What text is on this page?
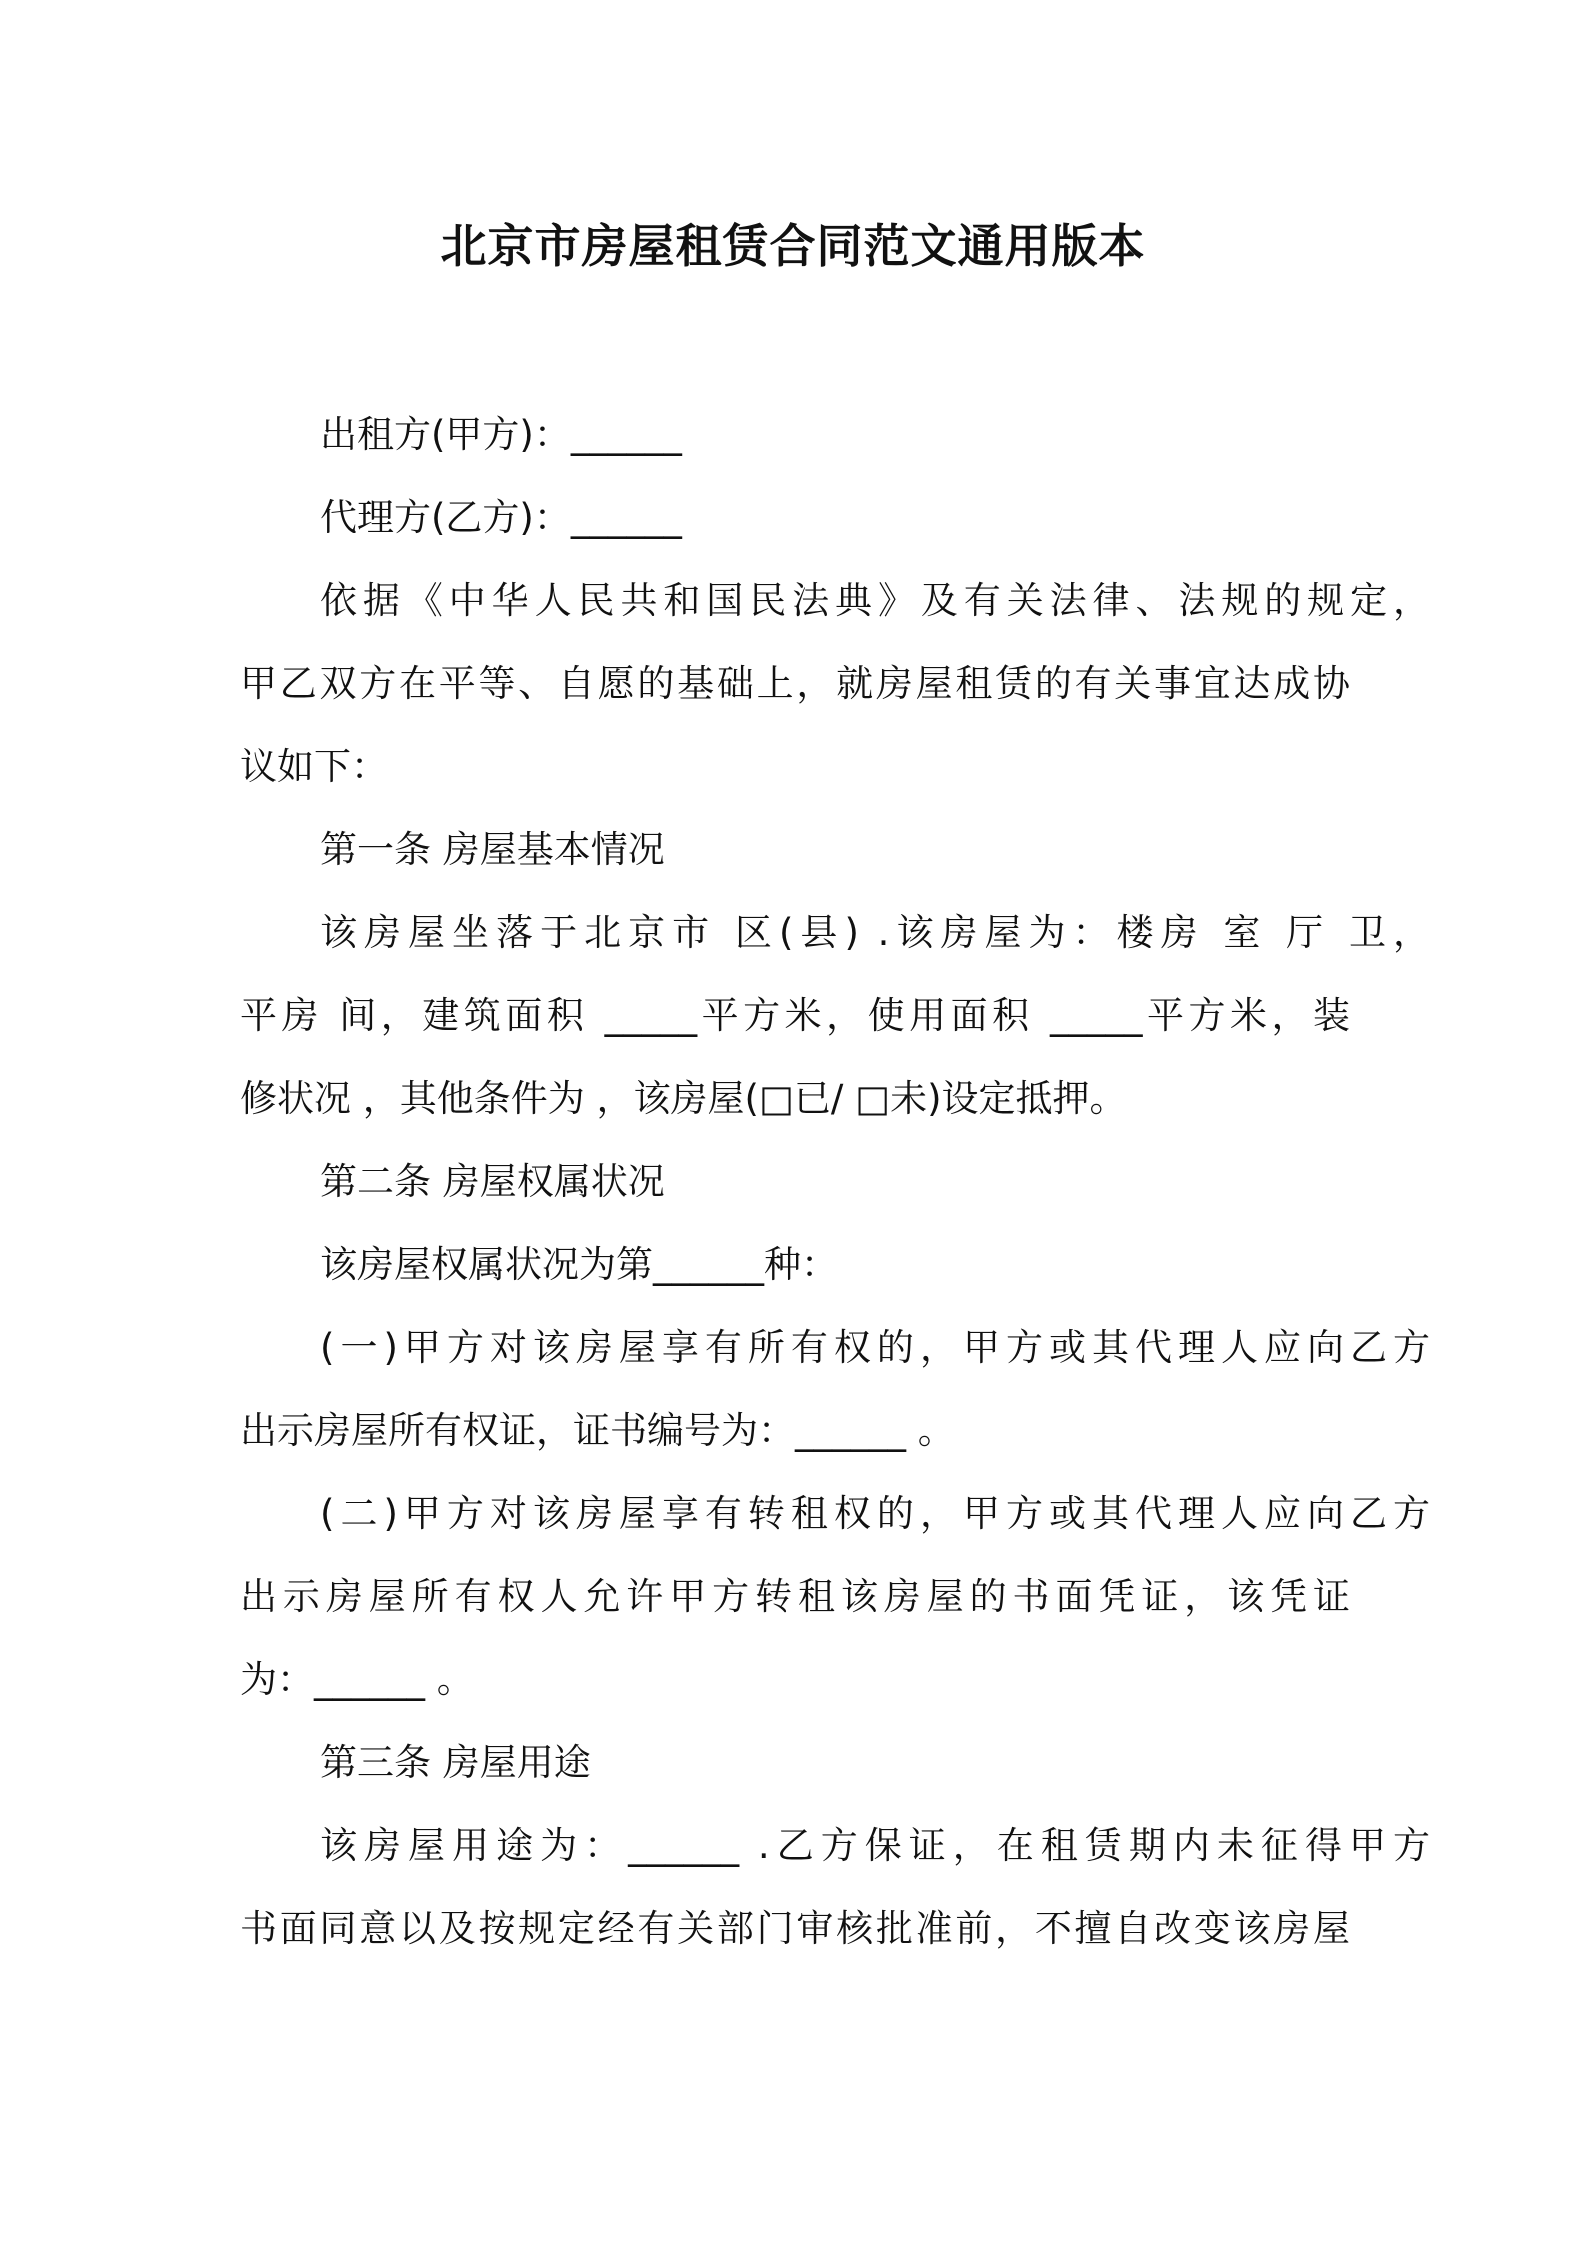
北京市房屋租赁合同范文通用版本
出租方(甲方)：______
代理方(乙方)：______
依据《中华人民共和国民法典》及有关法律、法规的规定，
甲乙双方在平等、自愿的基础上，就房屋租赁的有关事宜达成协
议如下：
第一条 房屋基本情况
该房屋坐落于北京市 区(县) .该房屋为：楼房 室 厅 卫，
平房 间，建筑面积 _____平方米，使用面积 _____平方米，装
修状况 ，其他条件为 ，该房屋(□已/ □未)设定抵押。
第二条 房屋权属状况
该房屋权属状况为第______种：
(一)甲方对该房屋享有所有权的，甲方或其代理人应向乙方
出示房屋所有权证，证书编号为：______ 。
(二)甲方对该房屋享有转租权的，甲方或其代理人应向乙方
出示房屋所有权人允许甲方转租该房屋的书面凭证，该凭证
为：______ 。
第三条 房屋用途
该房屋用途为：______ .乙方保证，在租赁期内未征得甲方
书面同意以及按规定经有关部门审核批准前，不擅自改变该房屋
